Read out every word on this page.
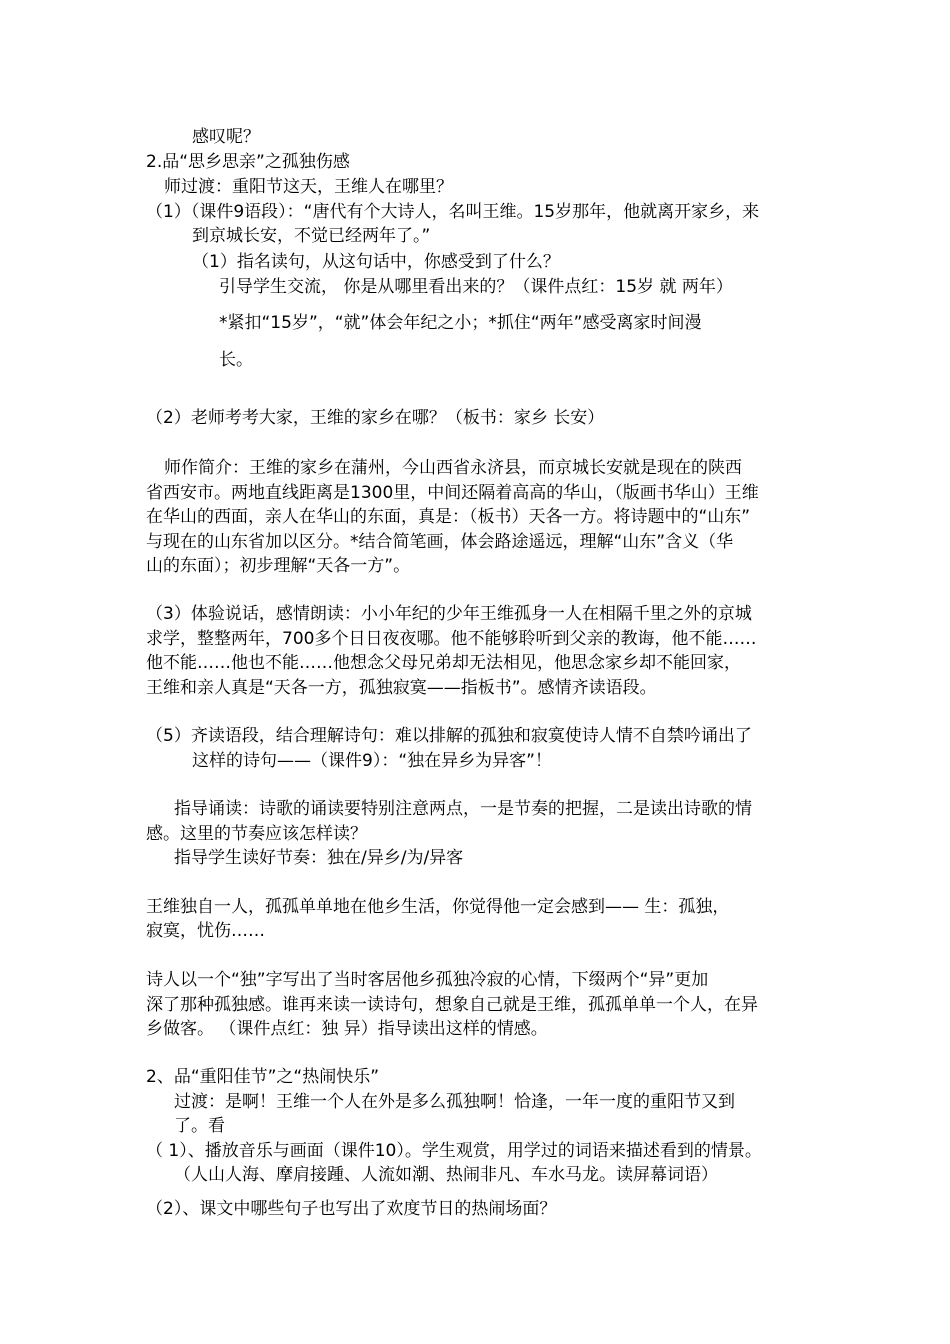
感叹呢？
2.品“思乡思亲”之孤独伤感
师过渡：重阳节这天，王维人在哪里？
（1）（课件9语段）：“唐代有个大诗人，名叫王维。15岁那年，他就离开家乡，来
到京城长安，不觉已经两年了。”
（1）指名读句，从这句话中，你感受到了什么？
引导学生交流， 你是从哪里看出来的？（课件点红：15岁 就 两年）
*紧扣“15岁”，“就”体会年纪之小；*抓住“两年”感受离家时间漫
长。
（2）老师考考大家，王维的家乡在哪？（板书：家乡 长安）
师作简介：王维的家乡在蒲州，今山西省永济县，而京城长安就是现在的陕西
省西安市。两地直线距离是1300里，中间还隔着高高的华山，（版画书华山）王维
在华山的西面，亲人在华山的东面，真是：（板书）天各一方。将诗题中的“山东”
与现在的山东省加以区分。*结合简笔画，体会路途遥远，理解“山东”含义（华
山的东面）；初步理解“天各一方”。
（3）体验说话，感情朗读：小小年纪的少年王维孤身一人在相隔千里之外的京城
求学，整整两年，700多个日日夜夜哪。他不能够聆听到父亲的教诲，他不能……
他不能……他也不能……他想念父母兄弟却无法相见，他思念家乡却不能回家，
王维和亲人真是“天各一方，孤独寂寞——指板书”。感情齐读语段。
（5）齐读语段，结合理解诗句：难以排解的孤独和寂寞使诗人情不自禁吟诵出了
这样的诗句——（课件9）：“独在异乡为异客”！
指导诵读：诗歌的诵读要特别注意两点，一是节奏的把握，二是读出诗歌的情
感。这里的节奏应该怎样读？
指导学生读好节奏：独在/异乡/为/异客
王维独自一人，孤孤单单地在他乡生活，你觉得他一定会感到—— 生：孤独，
寂寞，忧伤……
诗人以一个“独”字写出了当时客居他乡孤独冷寂的心情，下缀两个“异”更加
深了那种孤独感。谁再来读一读诗句，想象自己就是王维，孤孤单单一个人，在异
乡做客。 （课件点红：独 异）指导读出这样的情感。
2、品“重阳佳节”之“热闹快乐”
过渡：是啊！王维一个人在外是多么孤独啊！恰逢，一年一度的重阳节又到
了。看
（ 1）、播放音乐与画面（课件10）。学生观赏，用学过的词语来描述看到的情景。
（人山人海、摩肩接踵、人流如潮、热闹非凡、车水马龙。读屏幕词语）
（2）、课文中哪些句子也写出了欢度节日的热闹场面？
